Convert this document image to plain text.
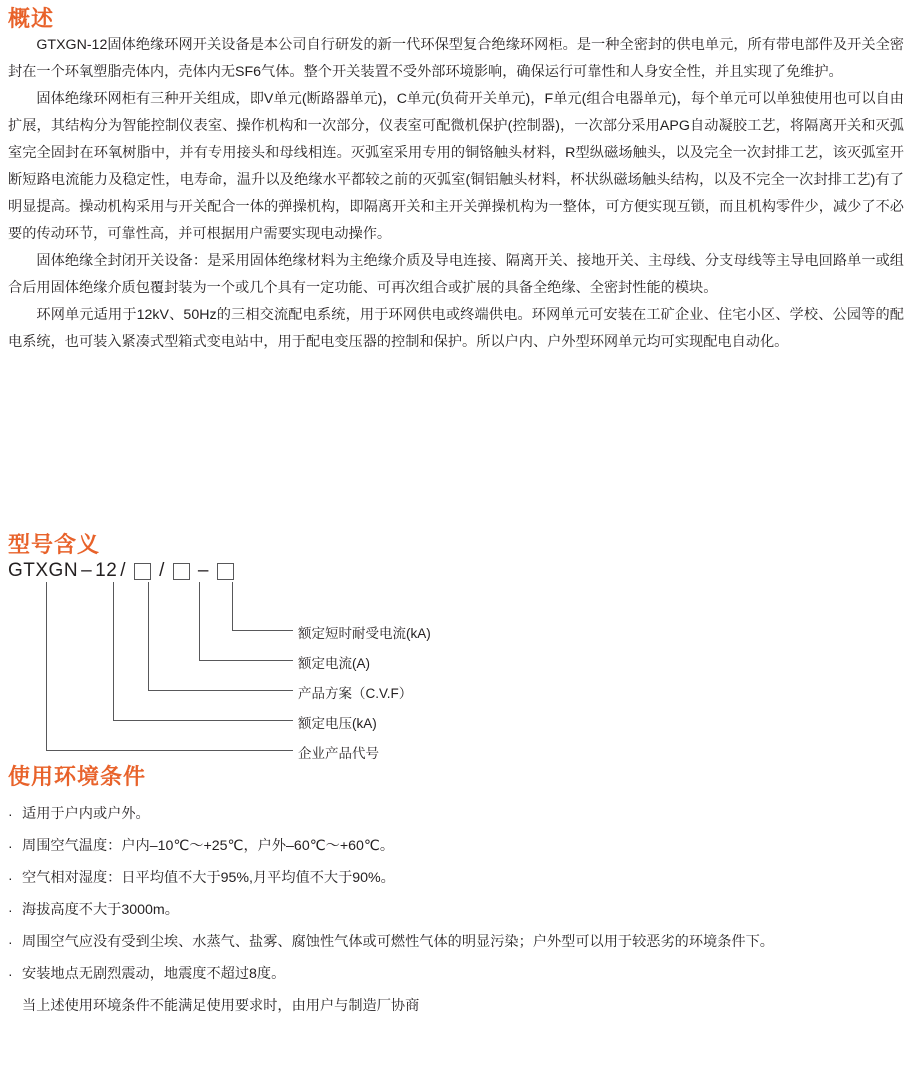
概述

GTXGN-12固体绝缘环网开关设备是本公司自行研发的新一代环保型复合绝缘环网柜。是一种全密封的供电单元，所有带电部件及开关全密封在一个环氧塑脂壳体内，壳体内无SF6气体。整个开关装置不受外部环境影响，确保运行可靠性和人身安全性，并且实现了免维护。

固体绝缘环网柜有三种开关组成，即V单元(断路器单元)，C单元(负荷开关单元)，F单元(组合电器单元)，每个单元可以单独使用也可以自由扩展，其结构分为智能控制仪表室、操作机构和一次部分，仪表室可配微机保护(控制器)，一次部分采用APG自动凝胶工艺，将隔离开关和灭弧室完全固封在环氧树脂中，并有专用接头和母线相连。灭弧室采用专用的铜铬触头材料，R型纵磁场触头，以及完全一次封排工艺，该灭弧室开断短路电流能力及稳定性，电寿命，温升以及绝缘水平都较之前的灭弧室(铜铝触头材料，杯状纵磁场触头结构，以及不完全一次封排工艺)有了明显提高。操动机构采用与开关配合一体的弹操机构，即隔离开关和主开关弹操机构为一整体，可方便实现互锁，而且机构零件少，减少了不必要的传动环节，可靠性高，并可根据用户需要实现电动操作。

固体绝缘全封闭开关设备：是采用固体绝缘材料为主绝缘介质及导电连接、隔离开关、接地开关、主母线、分支母线等主导电回路单一或组合后用固体绝缘介质包覆封装为一个或几个具有一定功能、可再次组合或扩展的具备全绝缘、全密封性能的模块。

环网单元适用于12kV、50Hz的三相交流配电系统，用于环网供电或终端供电。环网单元可安装在工矿企业、住宅小区、学校、公园等的配电系统，也可装入紧凑式型箱式变电站中，用于配电变压器的控制和保护。所以户内、户外型环网单元均可实现配电自动化。

型号含义
GTXGN – 12 / / –
额定短时耐受电流(kA)
额定电流(A)
产品方案（C.V.F）
额定电压(kA)
企业产品代号
使用环境条件
· 适用于户内或户外。
· 周围空气温度：户内–10℃～+25℃，户外–60℃～+60℃。
· 空气相对湿度：日平均值不大于95%,月平均值不大于90%。
· 海拔高度不大于3000m。
· 周围空气应没有受到尘埃、水蒸气、盐雾、腐蚀性气体或可燃性气体的明显污染；户外型可以用于较恶劣的环境条件下。
· 安装地点无剧烈震动，地震度不超过8度。
当上述使用环境条件不能满足使用要求时，由用户与制造厂协商
